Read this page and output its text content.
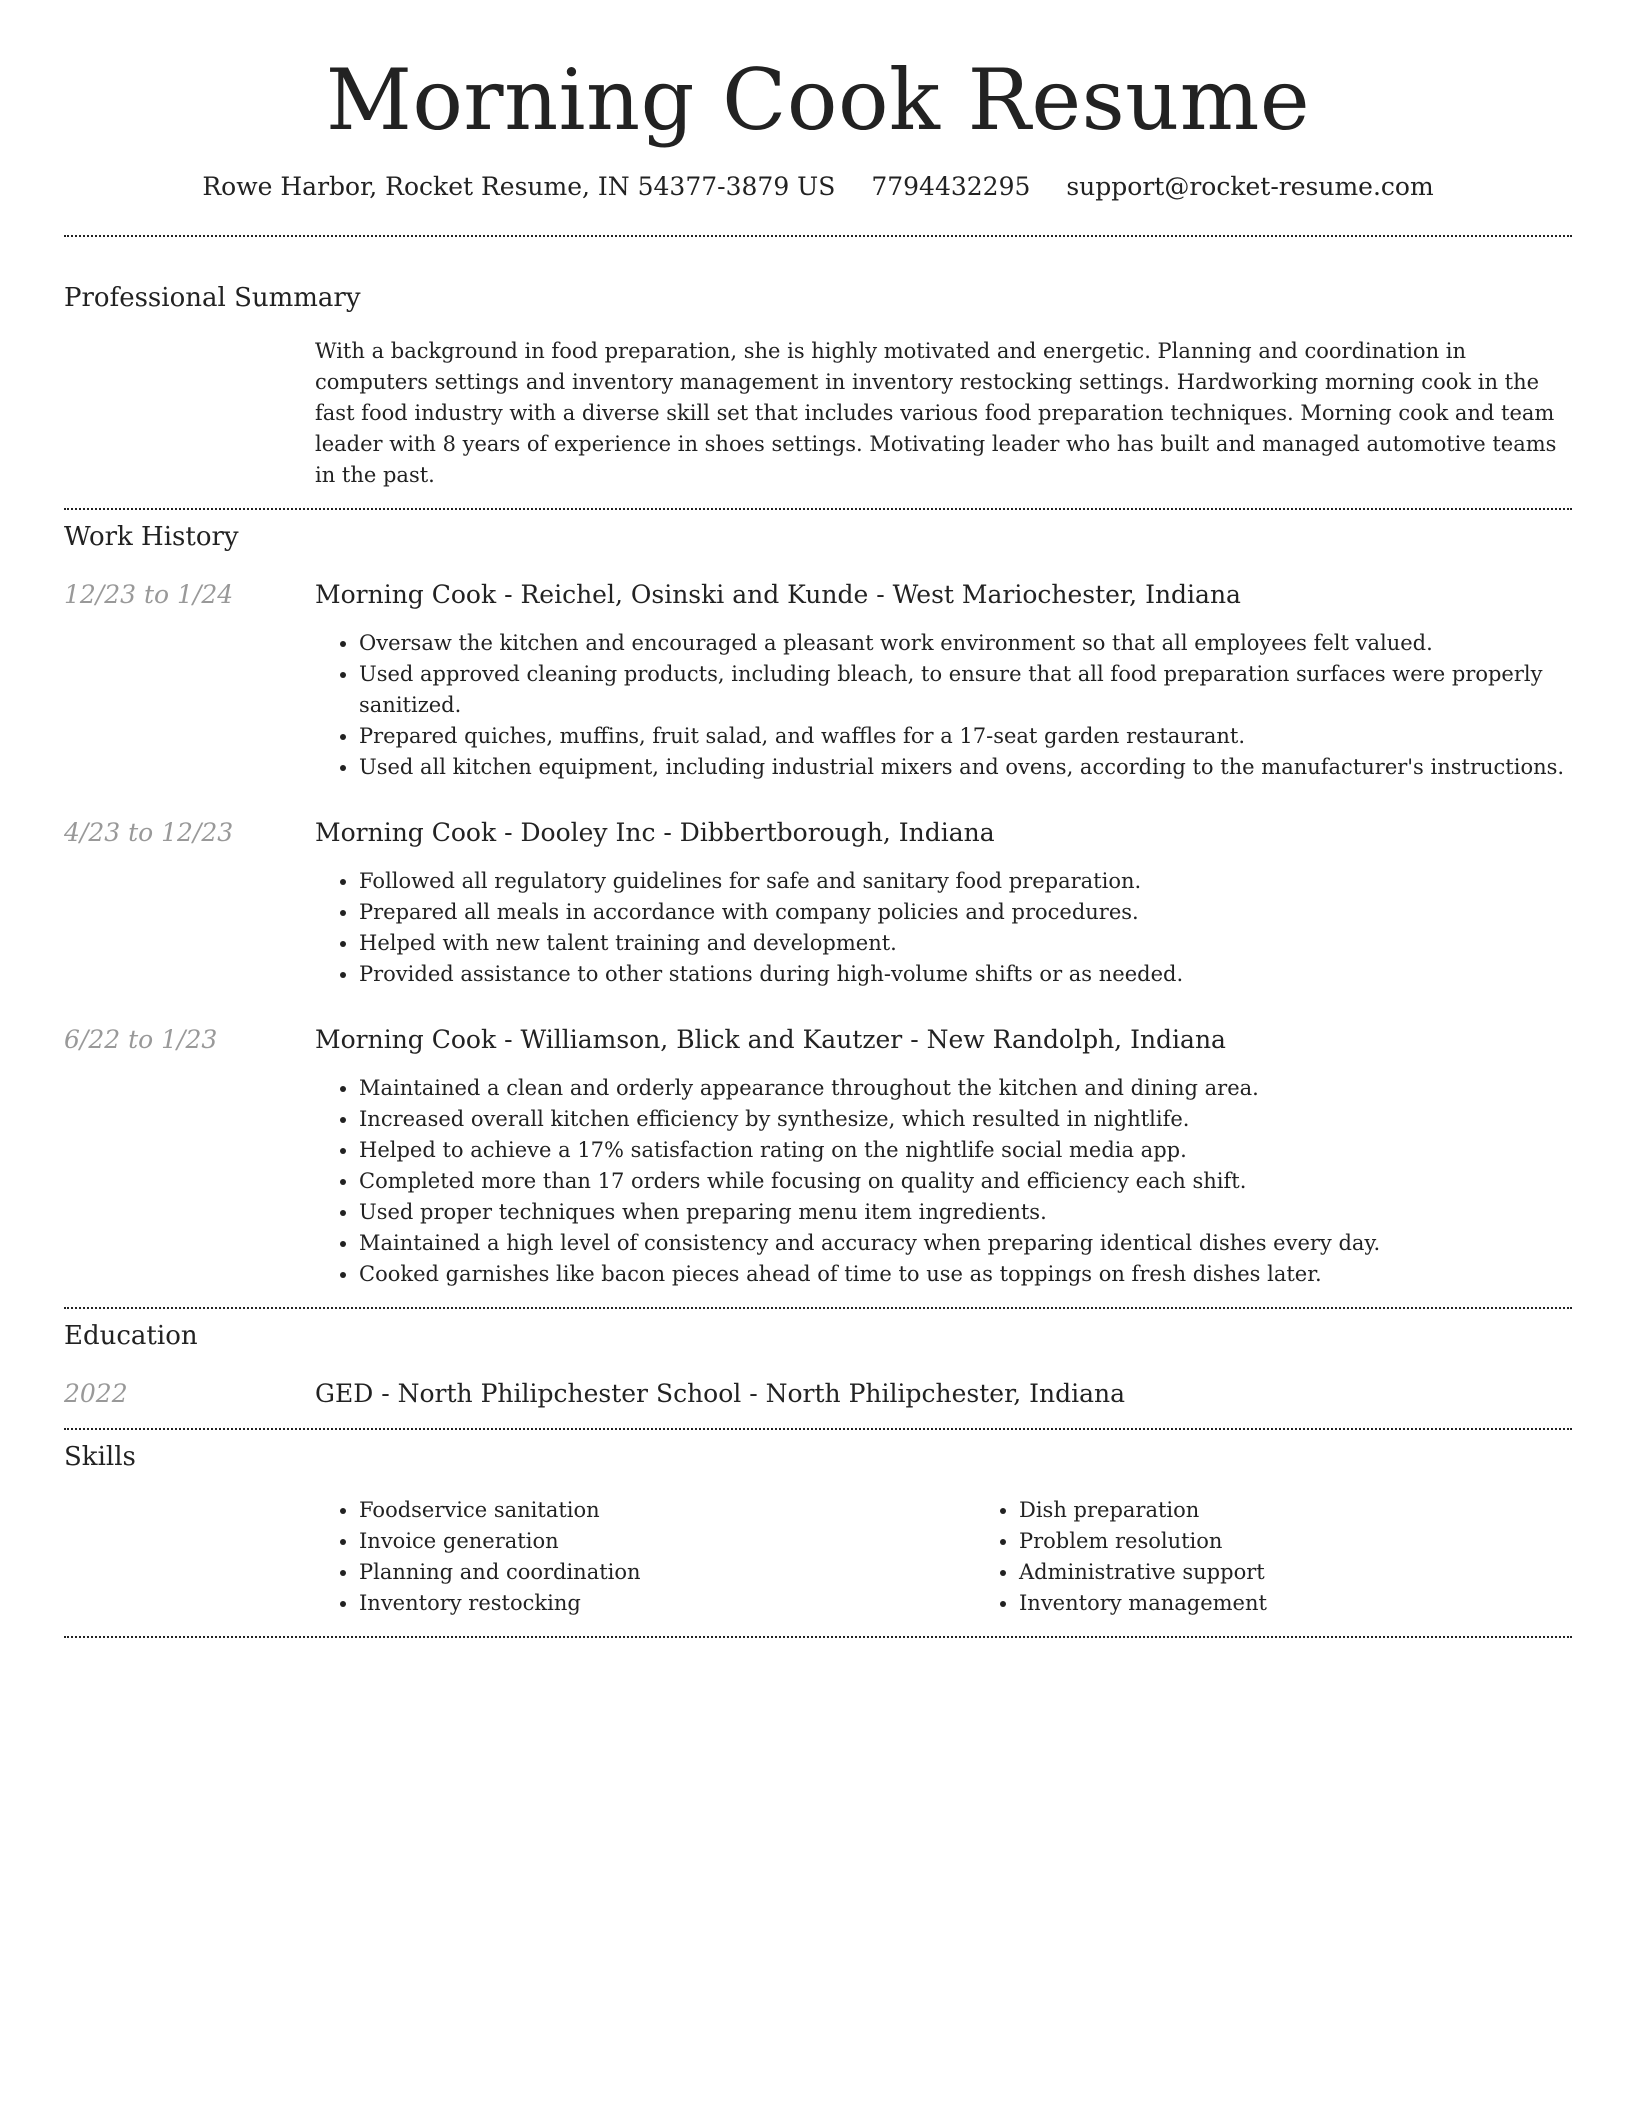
Morning Cook Resume
Rowe Harbor, Rocket Resume, IN 54377-3879 US 7794432295 support@rocket-resume.com
Professional Summary
With a background in food preparation, she is highly motivated and energetic. Planning and coordination in computers settings and inventory management in inventory restocking settings. Hardworking morning cook in the fast food industry with a diverse skill set that includes various food preparation techniques. Morning cook and team leader with 8 years of experience in shoes settings. Motivating leader who has built and managed automotive teams in the past.
Work History
12/23 to 1/24	Morning Cook - Reichel, Osinski and Kunde - West Mariochester, Indiana
• Oversaw the kitchen and encouraged a pleasant work environment so that all employees felt valued.
• Used approved cleaning products, including bleach, to ensure that all food preparation surfaces were properly sanitized.
• Prepared quiches, muffins, fruit salad, and waffles for a 17-seat garden restaurant.
• Used all kitchen equipment, including industrial mixers and ovens, according to the manufacturer's instructions.
4/23 to 12/23	Morning Cook - Dooley Inc - Dibbertborough, Indiana
• Followed all regulatory guidelines for safe and sanitary food preparation.
• Prepared all meals in accordance with company policies and procedures.
• Helped with new talent training and development.
• Provided assistance to other stations during high-volume shifts or as needed.
6/22 to 1/23	Morning Cook - Williamson, Blick and Kautzer - New Randolph, Indiana
• Maintained a clean and orderly appearance throughout the kitchen and dining area.
• Increased overall kitchen efficiency by synthesize, which resulted in nightlife.
• Helped to achieve a 17% satisfaction rating on the nightlife social media app.
• Completed more than 17 orders while focusing on quality and efficiency each shift.
• Used proper techniques when preparing menu item ingredients.
• Maintained a high level of consistency and accuracy when preparing identical dishes every day.
• Cooked garnishes like bacon pieces ahead of time to use as toppings on fresh dishes later.
Education
2022	GED - North Philipchester School - North Philipchester, Indiana
Skills
• Foodservice sanitation
• Invoice generation
• Planning and coordination
• Inventory restocking
• Dish preparation
• Problem resolution
• Administrative support
• Inventory management
